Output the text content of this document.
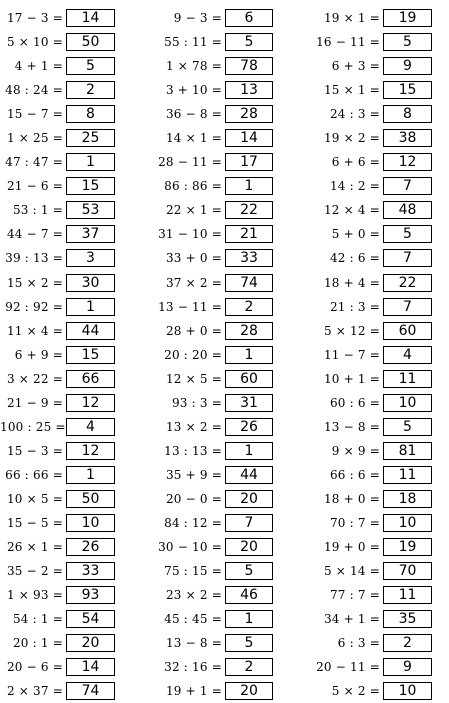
17 − 3 =	14
5 × 10 =	50
4 + 1 =	5
48 : 24 =	2
15 − 7 =	8
1 × 25 =	25
47 : 47 =	1
21 − 6 =	15
53 : 1 =	53
44 − 7 =	37
39 : 13 =	3
15 × 2 =	30
92 : 92 =	1
11 × 4 =	44
6 + 9 =	15
3 × 22 =	66
21 − 9 =	12
100 : 25 =	4
15 − 3 =	12
66 : 66 =	1
10 × 5 =	50
15 − 5 =	10
26 × 1 =	26
35 − 2 =	33
1 × 93 =	93
54 : 1 =	54
20 : 1 =	20
20 − 6 =	14
2 × 37 =	74
9 − 3 =	6
55 : 11 =	5
1 × 78 =	78
3 + 10 =	13
36 − 8 =	28
14 × 1 =	14
28 − 11 =	17
86 : 86 =	1
22 × 1 =	22
31 − 10 =	21
33 + 0 =	33
37 × 2 =	74
13 − 11 =	2
28 + 0 =	28
20 : 20 =	1
12 × 5 =	60
93 : 3 =	31
13 × 2 =	26
13 : 13 =	1
35 + 9 =	44
20 − 0 =	20
84 : 12 =	7
30 − 10 =	20
75 : 15 =	5
23 × 2 =	46
45 : 45 =	1
13 − 8 =	5
32 : 16 =	2
19 + 1 =	20
19 × 1 =	19
16 − 11 =	5
6 + 3 =	9
15 × 1 =	15
24 : 3 =	8
19 × 2 =	38
6 + 6 =	12
14 : 2 =	7
12 × 4 =	48
5 + 0 =	5
42 : 6 =	7
18 + 4 =	22
21 : 3 =	7
5 × 12 =	60
11 − 7 =	4
10 + 1 =	11
60 : 6 =	10
13 − 8 =	5
9 × 9 =	81
66 : 6 =	11
18 + 0 =	18
70 : 7 =	10
19 + 0 =	19
5 × 14 =	70
77 : 7 =	11
34 + 1 =	35
6 : 3 =	2
20 − 11 =	9
5 × 2 =	10
